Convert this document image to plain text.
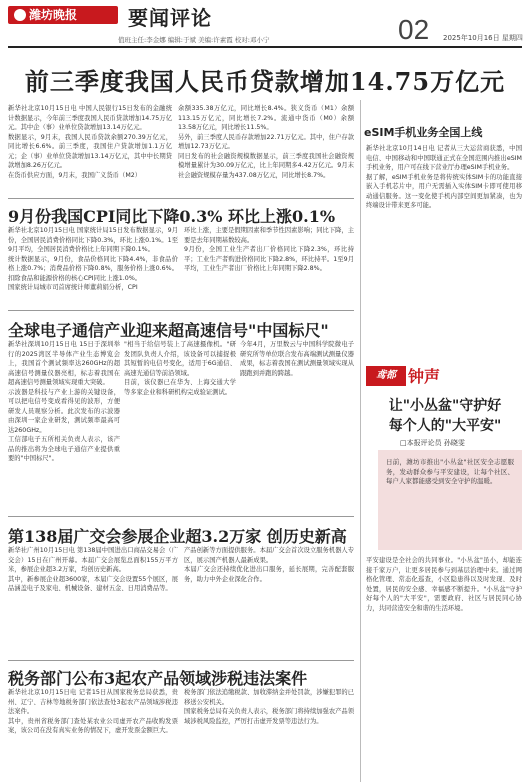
潍坊晚报	要闻评论	02 2025年10月16日 星期四
值班主任:李金娜 编辑:于斌 美编:许素霞 校对:邓小宁
前三季度我国人民币贷款增加14.75万亿元

新华社北京10月15日电 中国人民银行15日发布的金融统计数据显示，今年前三季度我国人民币贷款增加14.75万亿元。其中企（事）业单位贷款增加13.14万亿元。

数据显示，9月末，我国人民币贷款余额270.39万亿元，同比增长6.6%。前三季度，我国住户贷款增加1.1万亿元；企（事）业单位贷款增加13.14万亿元，其中中长期贷款增加8.26万亿元。

在货币供应方面，9月末，我国广义货币（M2）

余额335.38万亿元，同比增长8.4%。狭义货币（M1）余额113.15万亿元，同比增长7.2%。流通中货币（M0）余额13.58万亿元，同比增长11.5%。

另外，前三季度人民币存款增加22.71万亿元。其中，住户存款增加12.73万亿元。

同日发布的社会融资规模数据显示，前三季度我国社会融资规模增量累计为30.09万亿元，比上年同期多4.42万亿元。9月末社会融资规模存量为437.08万亿元，同比增长8.7%。

9月份我国CPI同比下降0.3% 环比上涨0.1%

新华社北京10月15日电 国家统计局15日发布数据显示，9月份，全国居民消费价格同比下降0.3%，环比上涨0.1%。1至9月平均，全国居民消费价格比上年同期下降0.1%。

统计数据显示，9月份，食品价格同比下降4.4%，非食品价格上涨0.7%；消费品价格下降0.8%，服务价格上涨0.6%。扣除食品和能源价格的核心CPI同比上涨1.0%。

国家统计局城市司首席统计师董莉娟分析，CPI

环比上涨，主要是假期因素和季节性因素影响；同比下降，主要是去年同期基数较高。

9月份，全国工业生产者出厂价格同比下降2.3%，环比持平；工业生产者购进价格同比下降2.8%，环比持平。1至9月平均，工业生产者出厂价格比上年同期下降2.8%。

全球电子通信产业迎来超高速信号"中国标尺"

新华社深圳10月15日电 15日于深圳举行的2025湾区半导体产业生态博览会上，我国首个测试频率达260GHz的超高速信号测量仪器亮相，标志着我国在超高速信号测量领域实现重大突破。

示波器是科技与产业上游的关键设备，可以把电信号变成看得见的波形，方便研发人员观察分析。此次发布的示波器由深圳一家企业研发，测试频率最高可达260GHz。

工信部电子五所相关负责人表示，该产品的推出将为全球电子通信产业提供重要的"中国标尺"。

"相当于给信号装上了高速摄像机。"研发团队负责人介绍，该设备可以捕捉极其短暂的电信号变化，适用于6G通信、高速光通信等前沿领域。

目前，该仪器已在华为、上海交通大学等多家企业和科研机构完成验证测试。

今年4月，万里数云与中国科学院微电子研究所等单位联合发布高端测试测量仪器成果，标志着我国在测试测量领域实现从跟跑到并跑的跨越。

第138届广交会参展企业超3.2万家 创历史新高

新华社广州10月15日电 第138届中国进出口商品交易会（广交会）15日在广州开幕。本届广交会展览总面积155万平方米，参展企业超3.2万家，均创历史新高。

其中，新参展企业超3600家，本届广交会设置55个展区，展品涵盖电子及家电、机械设备、建材五金、日用消费品等。

产品创新等方面提供服务。本届广交会首次设立服务机器人专区，展示国产机器人最新成果。

本届广交会还持续优化进出口服务，延长展期，完善配套服务，助力中外企业深化合作。

税务部门公布3起农产品领域涉税违法案件

新华社北京10月15日电 记者15日从国家税务总局获悉，贵州、辽宁、吉林等地税务部门依法查处3起农产品领域涉税违法案件。

其中，贵州省税务部门查处某农业公司虚开农产品收购发票案，该公司在没有真实业务的情况下，虚开发票金额巨大。

税务部门依法追缴税款、加收滞纳金并处罚款，涉嫌犯罪的已移送公安机关。

国家税务总局有关负责人表示，税务部门将持续加强农产品领域涉税风险监控，严厉打击虚开发票等违法行为。

eSIM手机业务全国上线

新华社北京10月14日电 记者从三大运营商获悉，中国电信、中国移动和中国联通正式在全国范围内推出eSIM手机业务，用户可在线下营业厅办理eSIM手机业务。

据了解，eSIM手机业务是将传统实体SIM卡的功能直接嵌入手机芯片中，用户无需插入实体SIM卡即可使用移动通信服务。这一变化使手机内部空间更加紧凑，也为终端设计带来更多可能。

鸢都 钟声
让"小丛盆"守护好
每个人的"大平安"
□本报评论员 孙晓雯

日前，潍坊市推出"小丛盆"社区安全志愿服务，发动群众参与平安建设，让每个社区、每户人家都能感受到安全守护的温暖。

平安建设是全社会的共同事业。"小丛盆"虽小，却能连接千家万户，让更多居民参与到基层治理中来。通过网格化管理、常态化巡查，小区隐患得以及时发现、及时处置，居民的安全感、幸福感不断提升。"小丛盆"守护好每个人的"大平安"，需要政府、社区与居民同心协力，共同营造安全和谐的生活环境。
